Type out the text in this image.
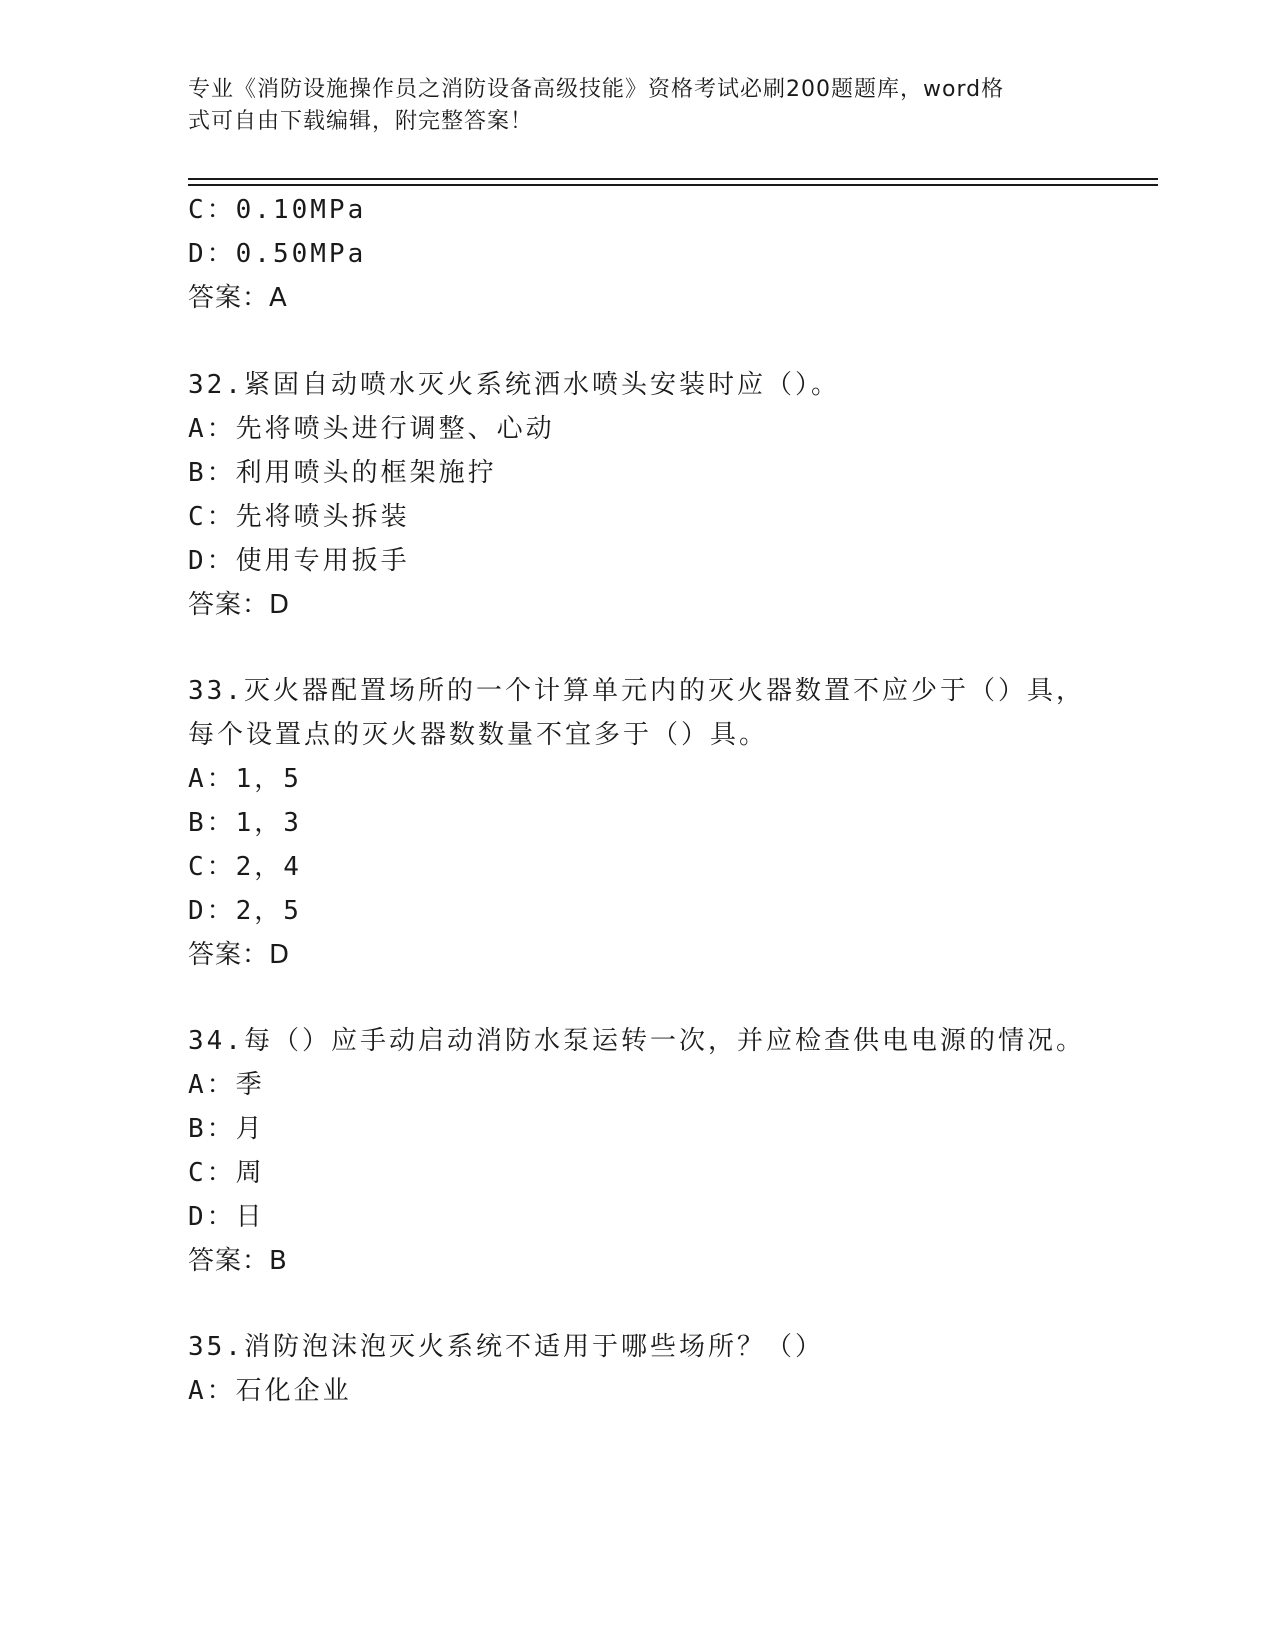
专业《消防设施操作员之消防设备高级技能》资格考试必刷200题题库，word格
式可自由下载编辑，附完整答案！
C：0.10MPa
D：0.50MPa
答案：A
32.紧固自动喷水灭火系统洒水喷头安装时应（）。
A：先将喷头进行调整、心动
B：利用喷头的框架施拧
C：先将喷头拆装
D：使用专用扳手
答案：D
33.灭火器配置场所的一个计算单元内的灭火器数置不应少于（）具，
每个设置点的灭火器数数量不宜多于（）具。
A：1，5
B：1，3
C：2，4
D：2，5
答案：D
34.每（）应手动启动消防水泵运转一次，并应检查供电电源的情况。
A：季
B：月
C：周
D：日
答案：B
35.消防泡沫泡灭火系统不适用于哪些场所？（）
A：石化企业
